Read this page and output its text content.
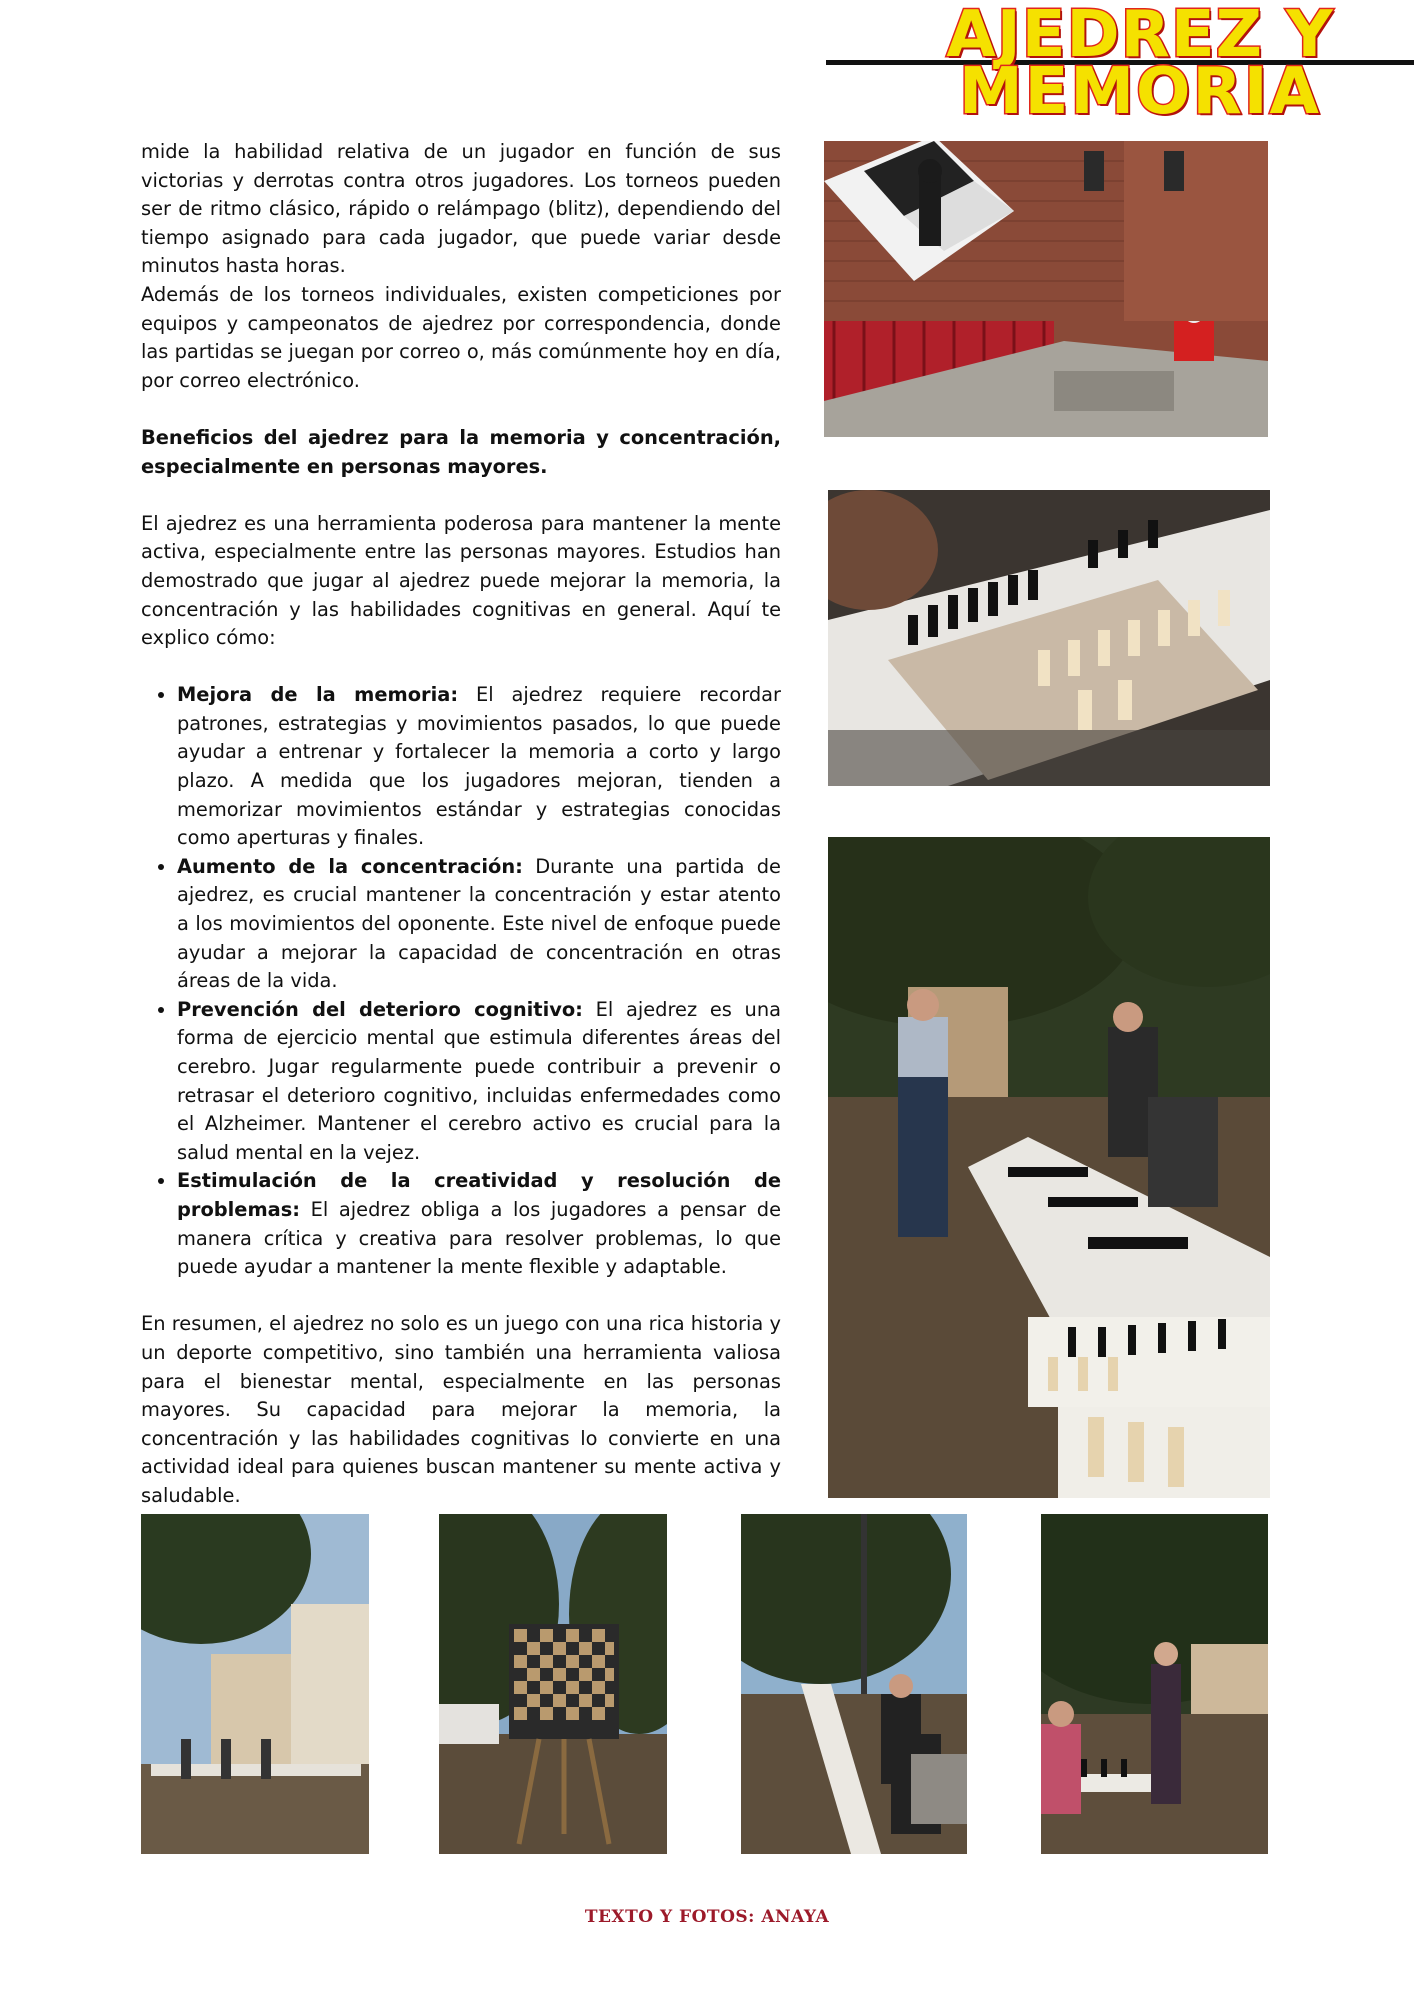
AJEDREZ Y
MEMORIA

mide la habilidad relativa de un jugador en función de sus victorias y derrotas contra otros jugadores. Los torneos pueden ser de ritmo clásico, rápido o relámpago (blitz), dependiendo del tiempo asignado para cada jugador, que puede variar desde minutos hasta horas.

Además de los torneos individuales, existen competiciones por equipos y campeonatos de ajedrez por correspondencia, donde las partidas se juegan por correo o, más comúnmente hoy en día, por correo electrónico.

Beneficios del ajedrez para la memoria y concentración, especialmente en personas mayores.

El ajedrez es una herramienta poderosa para mantener la mente activa, especialmente entre las personas mayores. Estudios han demostrado que jugar al ajedrez puede mejorar la memoria, la concentración y las habilidades cognitivas en general. Aquí te explico cómo:

• Mejora de la memoria: El ajedrez requiere recordar patrones, estrategias y movimientos pasados, lo que puede ayudar a entrenar y fortalecer la memoria a corto y largo plazo. A medida que los jugadores mejoran, tienden a memorizar movimientos estándar y estrategias conocidas como aperturas y finales.
• Aumento de la concentración: Durante una partida de ajedrez, es crucial mantener la concentración y estar atento a los movimientos del oponente. Este nivel de enfoque puede ayudar a mejorar la capacidad de concentración en otras áreas de la vida.
• Prevención del deterioro cognitivo: El ajedrez es una forma de ejercicio mental que estimula diferentes áreas del cerebro. Jugar regularmente puede contribuir a prevenir o retrasar el deterioro cognitivo, incluidas enfermedades como el Alzheimer. Mantener el cerebro activo es crucial para la salud mental en la vejez.
• Estimulación de la creatividad y resolución de problemas: El ajedrez obliga a los jugadores a pensar de manera crítica y creativa para resolver problemas, lo que puede ayudar a mantener la mente flexible y adaptable.

En resumen, el ajedrez no solo es un juego con una rica historia y un deporte competitivo, sino también una herramienta valiosa para el bienestar mental, especialmente en las personas mayores. Su capacidad para mejorar la memoria, la concentración y las habilidades cognitivas lo convierte en una actividad ideal para quienes buscan mantener su mente activa y saludable.

TEXTO Y FOTOS: ANAYA
